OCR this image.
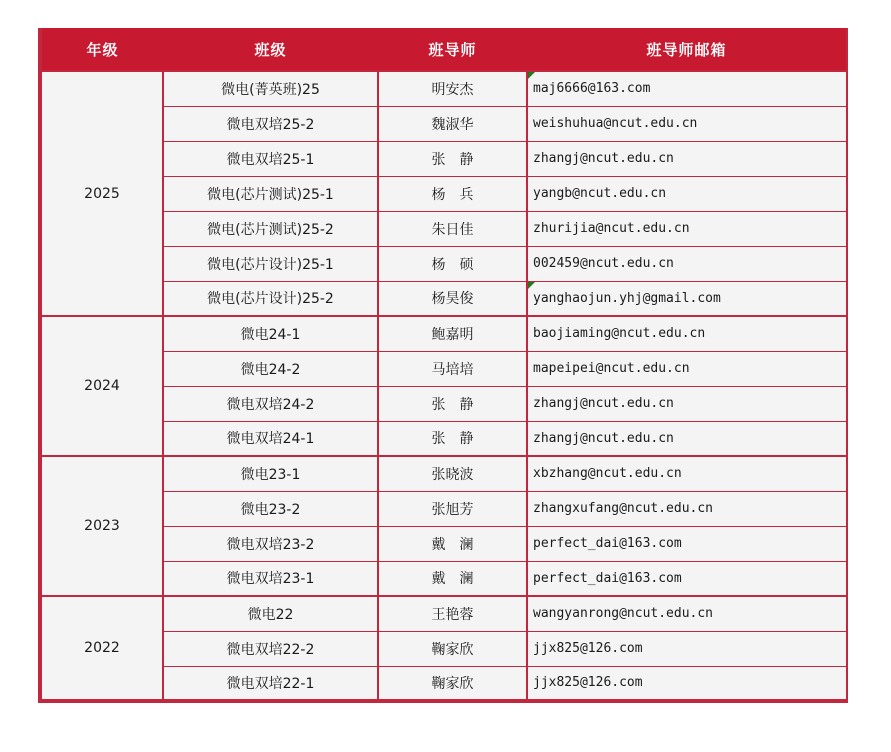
年级	班级	班导师	班导师邮箱
2025	微电(菁英班)25	明安杰	maj6666@163.com
	微电双培25-2	魏淑华	weishuhua@ncut.edu.cn
	微电双培25-1	张　静	zhangj@ncut.edu.cn
	微电(芯片测试)25-1	杨　兵	yangb@ncut.edu.cn
	微电(芯片测试)25-2	朱日佳	zhurijia@ncut.edu.cn
	微电(芯片设计)25-1	杨　硕	002459@ncut.edu.cn
	微电(芯片设计)25-2	杨昊俊	yanghaojun.yhj@gmail.com
2024	微电24-1	鲍嘉明	baojiaming@ncut.edu.cn
	微电24-2	马培培	mapeipei@ncut.edu.cn
	微电双培24-2	张　静	zhangj@ncut.edu.cn
	微电双培24-1	张　静	zhangj@ncut.edu.cn
2023	微电23-1	张晓波	xbzhang@ncut.edu.cn
	微电23-2	张旭芳	zhangxufang@ncut.edu.cn
	微电双培23-2	戴　澜	perfect_dai@163.com
	微电双培23-1	戴　澜	perfect_dai@163.com
2022	微电22	王艳蓉	wangyanrong@ncut.edu.cn
	微电双培22-2	鞠家欣	jjx825@126.com
	微电双培22-1	鞠家欣	jjx825@126.com
